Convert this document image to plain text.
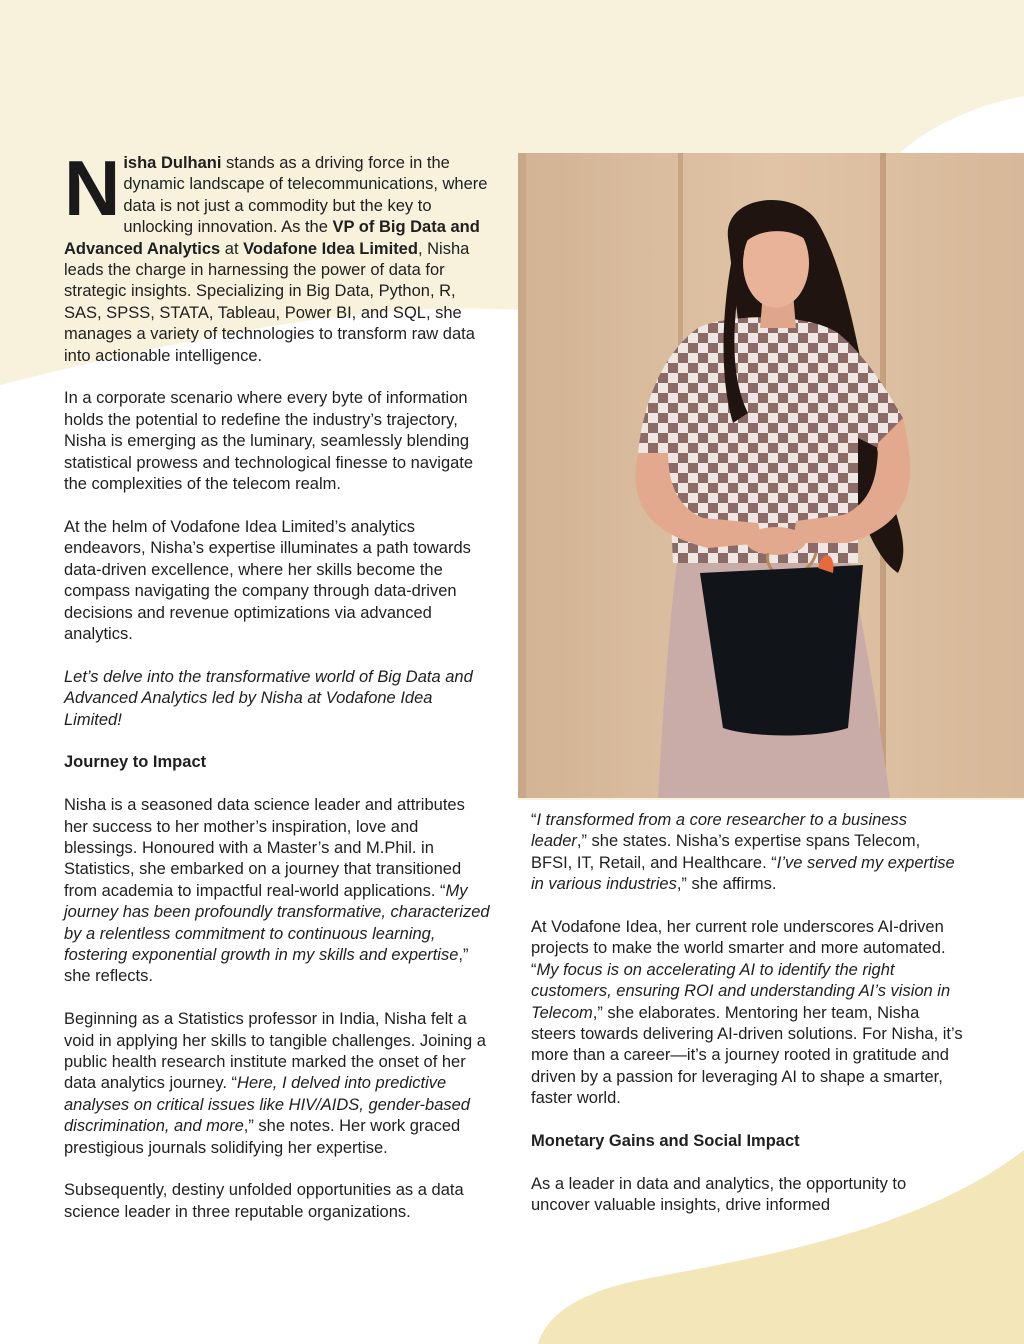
Nisha Dulhani stands as a driving force in the dynamic landscape of telecommunications, where data is not just a commodity but the key to unlocking innovation. As the VP of Big Data and Advanced Analytics at Vodafone Idea Limited, Nisha leads the charge in harnessing the power of data for strategic insights. Specializing in Big Data, Python, R, SAS, SPSS, STATA, Tableau, Power BI, and SQL, she manages a variety of technologies to transform raw data into actionable intelligence.

In a corporate scenario where every byte of information holds the potential to redefine the industry’s trajectory, Nisha is emerging as the luminary, seamlessly blending statistical prowess and technological finesse to navigate the complexities of the telecom realm.

At the helm of Vodafone Idea Limited’s analytics endeavors, Nisha’s expertise illuminates a path towards data-driven excellence, where her skills become the compass navigating the company through data-driven decisions and revenue optimizations via advanced analytics.

Let’s delve into the transformative world of Big Data and Advanced Analytics led by Nisha at Vodafone Idea Limited!

Journey to Impact

Nisha is a seasoned data science leader and attributes her success to her mother’s inspiration, love and blessings. Honoured with a Master’s and M.Phil. in Statistics, she embarked on a journey that transitioned from academia to impactful real-world applications. “My journey has been profoundly transformative, characterized by a relentless commitment to continuous learning, fostering exponential growth in my skills and expertise,” she reflects.

Beginning as a Statistics professor in India, Nisha felt a void in applying her skills to tangible challenges. Joining a public health research institute marked the onset of her data analytics journey. “Here, I delved into predictive analyses on critical issues like HIV/AIDS, gender-based discrimination, and more,” she notes. Her work graced prestigious journals solidifying her expertise.

Subsequently, destiny unfolded opportunities as a data science leader in three reputable organizations.

“I transformed from a core researcher to a business leader,” she states. Nisha’s expertise spans Telecom, BFSI, IT, Retail, and Healthcare. “I’ve served my expertise in various industries,” she affirms.

At Vodafone Idea, her current role underscores AI-driven projects to make the world smarter and more automated. “My focus is on accelerating AI to identify the right customers, ensuring ROI and understanding AI’s vision in Telecom,” she elaborates. Mentoring her team, Nisha steers towards delivering AI-driven solutions. For Nisha, it’s more than a career—it’s a journey rooted in gratitude and driven by a passion for leveraging AI to shape a smarter, faster world.

Monetary Gains and Social Impact

As a leader in data and analytics, the opportunity to uncover valuable insights, drive informed
